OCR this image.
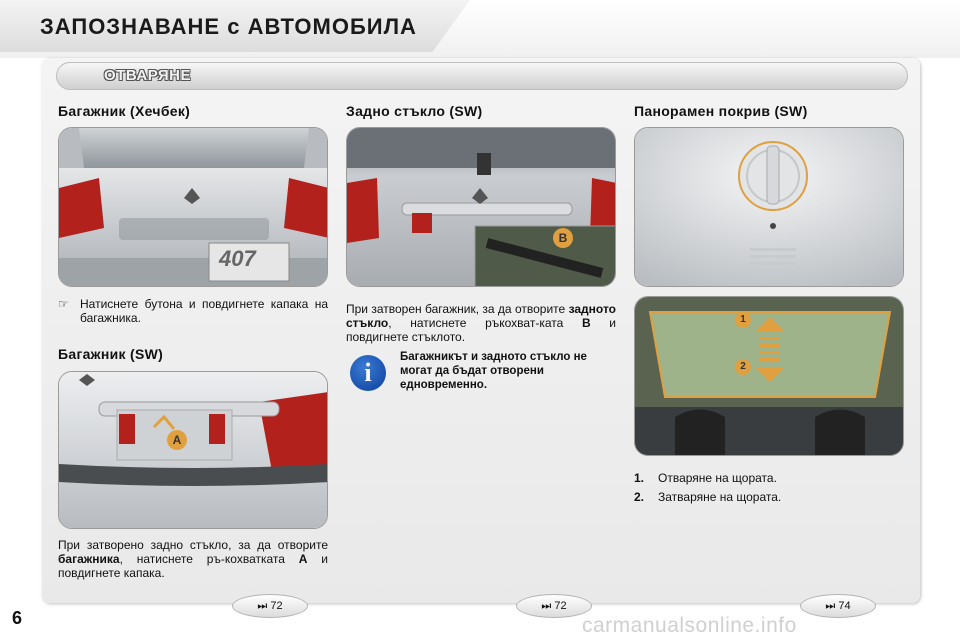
ЗАПОЗНАВАНЕ с АВТОМОБИЛА
ОТВАРЯНЕ
Багажник (Хечбек)
407
☞ Натиснете бутона и повдигнете капака на багажника.
Багажник (SW)
A
При затворено задно стъкло, за да отворите багажника, натиснете ръ-кохватката A и повдигнете капака.
Задно стъкло (SW)
B
При затворен багажник, за да отворите задното стъкло, натиснете ръкохват-ката B и повдигнете стъклото.
i
Багажникът и задното стъкло не могат да бъдат отворени едновременно.
Панорамен покрив (SW)
1
2
1.	Отваряне на щората.
2.	Затваряне на щората.
⏭ 72	⏭ 72	⏭ 74
6	carmanualsonline.info
